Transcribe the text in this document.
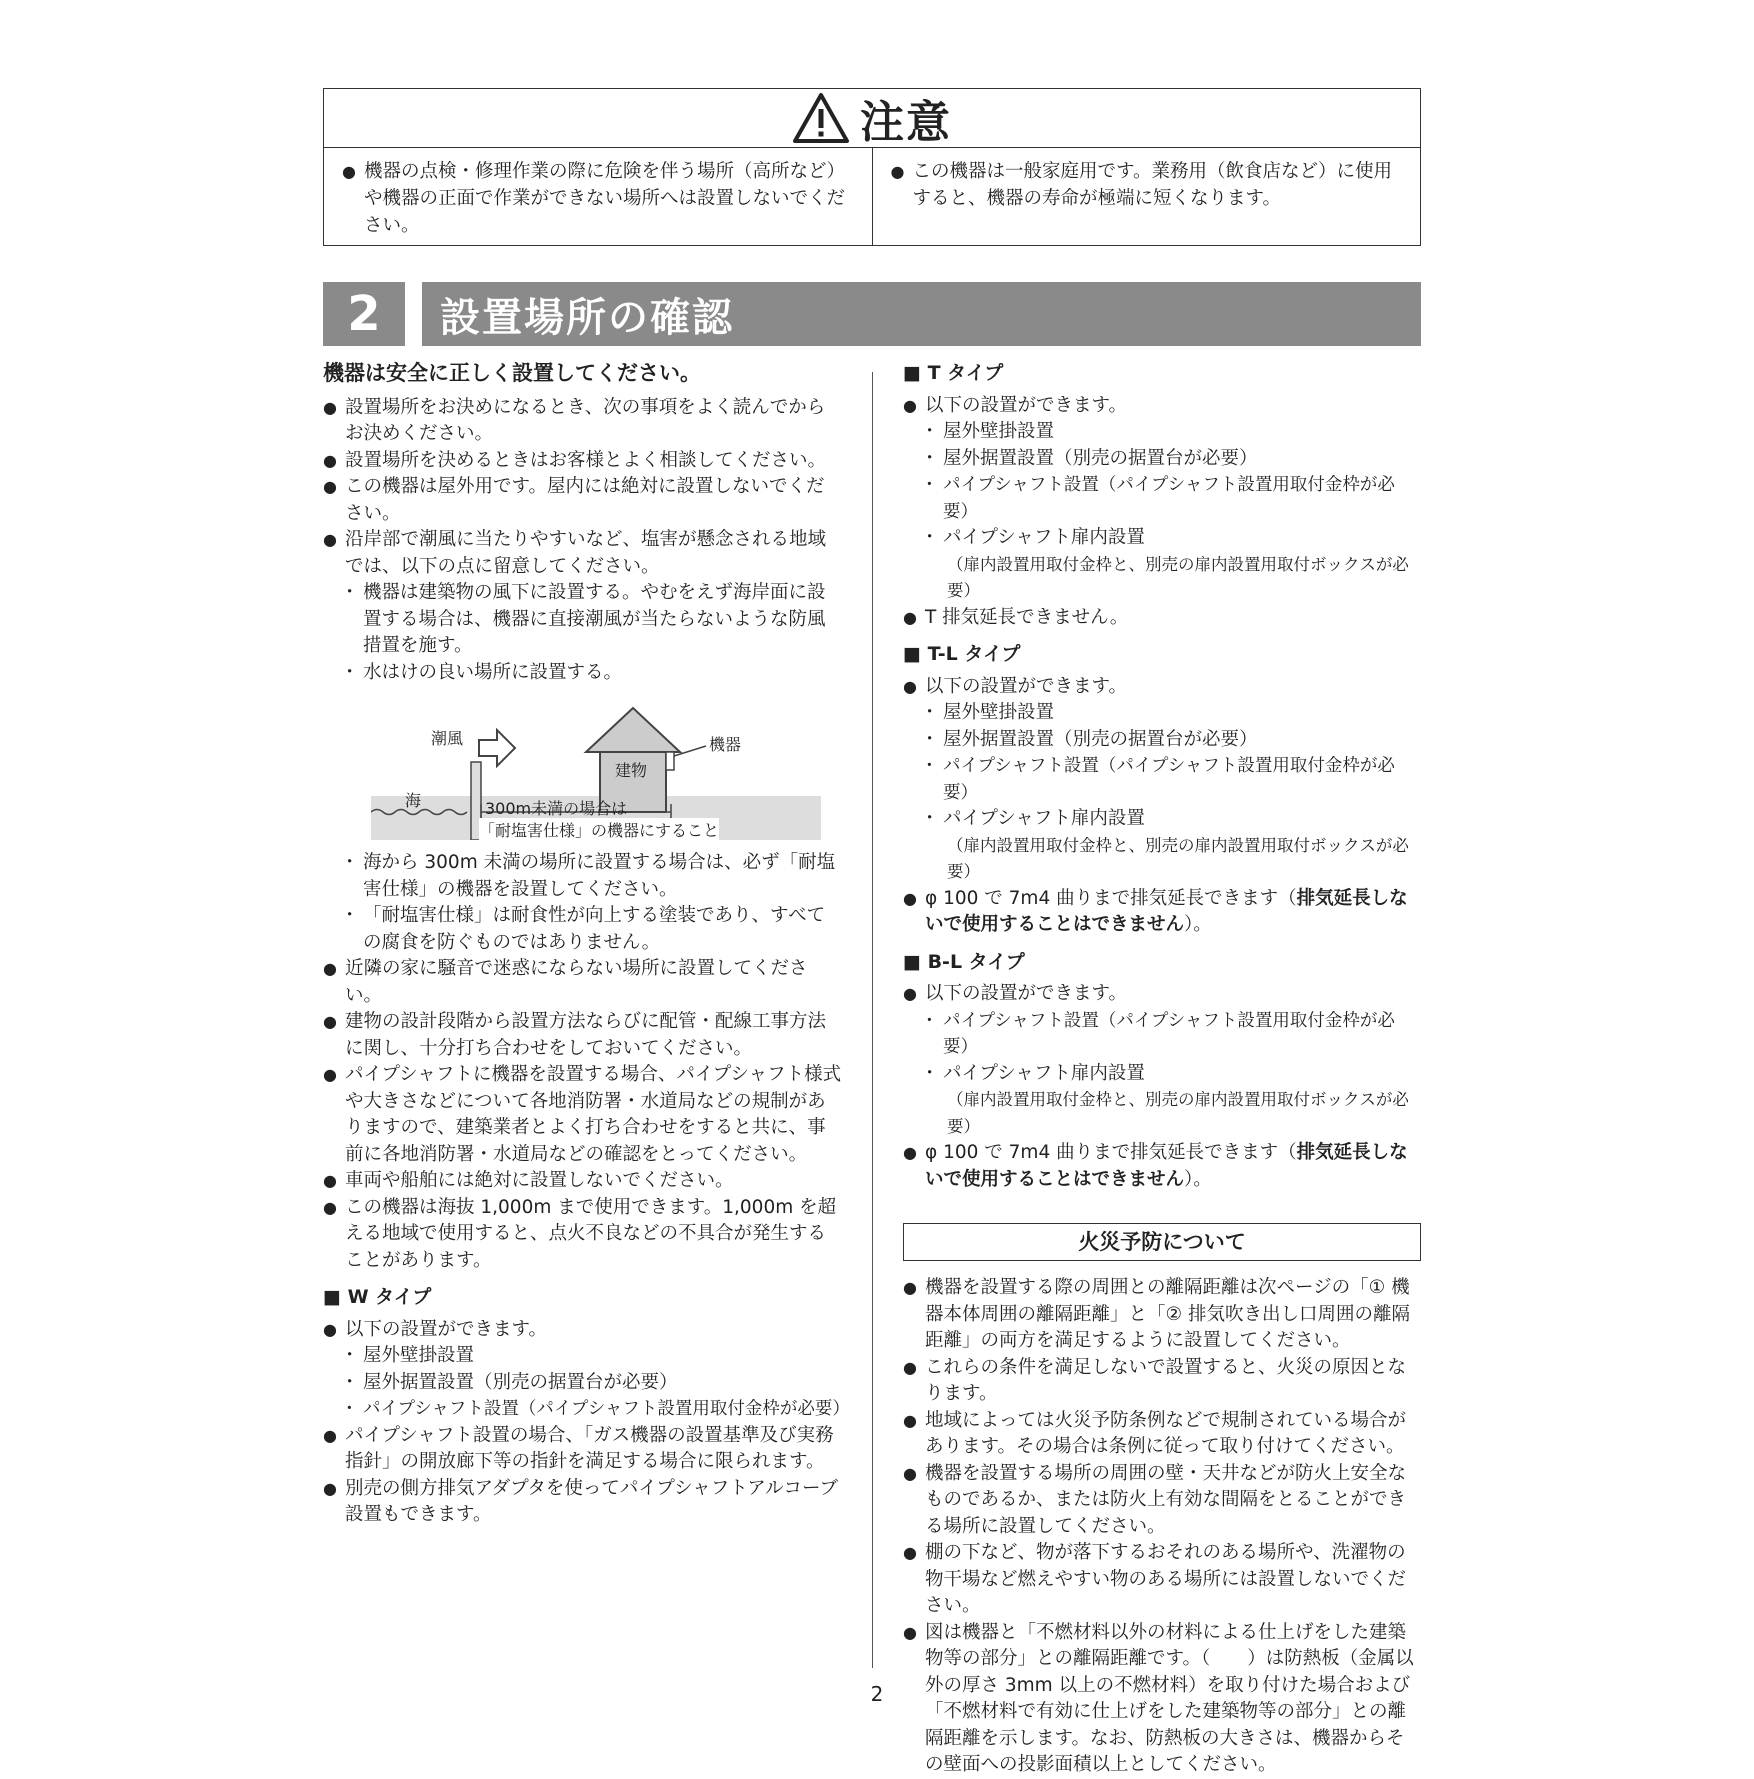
注意
● 機器の点検・修理作業の際に危険を伴う場所（高所など）や機器の正面で作業ができない場所へは設置しないでください。
● この機器は一般家庭用です。業務用（飲食店など）に使用すると、機器の寿命が極端に短くなります。
2	設置場所の確認
機器は安全に正しく設置してください。
● 設置場所をお決めになるとき、次の事項をよく読んでからお決めください。
● 設置場所を決めるときはお客様とよく相談してください。
● この機器は屋外用です。屋内には絶対に設置しないでください。
● 沿岸部で潮風に当たりやすいなど、塩害が懸念される地域では、以下の点に留意してください。
･ 機器は建築物の風下に設置する。やむをえず海岸面に設置する場合は、機器に直接潮風が当たらないような防風措置を施す。
･ 水はけの良い場所に設置する。
潮風
建物
機器
海	300m未満の場合は
「耐塩害仕様」の機器にすること
･ 海から 300m 未満の場所に設置する場合は、必ず「耐塩害仕様」の機器を設置してください。
･ 「耐塩害仕様」は耐食性が向上する塗装であり、すべての腐食を防ぐものではありません。
● 近隣の家に騒音で迷惑にならない場所に設置してください。
● 建物の設計段階から設置方法ならびに配管・配線工事方法に関し、十分打ち合わせをしておいてください。
● パイプシャフトに機器を設置する場合、パイプシャフト様式や大きさなどについて各地消防署・水道局などの規制がありますので、建築業者とよく打ち合わせをすると共に、事前に各地消防署・水道局などの確認をとってください。
● 車両や船舶には絶対に設置しないでください。
● この機器は海抜 1,000m まで使用できます。1,000m を超える地域で使用すると、点火不良などの不具合が発生することがあります。
■ W タイプ
● 以下の設置ができます。
･ 屋外壁掛設置
･ 屋外据置設置（別売の据置台が必要）
･ パイプシャフト設置（パイプシャフト設置用取付金枠が必要）
● パイプシャフト設置の場合、「ガス機器の設置基準及び実務指針」の開放廊下等の指針を満足する場合に限られます。
● 別売の側方排気アダプタを使ってパイプシャフトアルコーブ設置もできます。
■ T タイプ
● 以下の設置ができます。
･ 屋外壁掛設置
･ 屋外据置設置（別売の据置台が必要）
･ パイプシャフト設置（パイプシャフト設置用取付金枠が必要）
･ パイプシャフト扉内設置
（扉内設置用取付金枠と、別売の扉内設置用取付ボックスが必要）
● T 排気延長できません。
■ T-L タイプ
● 以下の設置ができます。
･ 屋外壁掛設置
･ 屋外据置設置（別売の据置台が必要）
･ パイプシャフト設置（パイプシャフト設置用取付金枠が必要）
･ パイプシャフト扉内設置
（扉内設置用取付金枠と、別売の扉内設置用取付ボックスが必要）
● φ 100 で 7m4 曲りまで排気延長できます（排気延長しないで使用することはできません）。
■ B-L タイプ
● 以下の設置ができます。
･ パイプシャフト設置（パイプシャフト設置用取付金枠が必要）
･ パイプシャフト扉内設置
（扉内設置用取付金枠と、別売の扉内設置用取付ボックスが必要）
● φ 100 で 7m4 曲りまで排気延長できます（排気延長しないで使用することはできません）。
火災予防について
● 機器を設置する際の周囲との離隔距離は次ページの「① 機器本体周囲の離隔距離」と「② 排気吹き出し口周囲の離隔距離」の両方を満足するように設置してください。
● これらの条件を満足しないで設置すると、火災の原因となります。
● 地域によっては火災予防条例などで規制されている場合があります。その場合は条例に従って取り付けてください。
● 機器を設置する場所の周囲の壁・天井などが防火上安全なものであるか、または防火上有効な間隔をとることができる場所に設置してください。
● 棚の下など、物が落下するおそれのある場所や、洗濯物の物干場など燃えやすい物のある場所には設置しないでください。
● 図は機器と「不燃材料以外の材料による仕上げをした建築物等の部分」との離隔距離です。（　　）は防熱板（金属以外の厚さ 3mm 以上の不燃材料）を取り付けた場合および「不燃材料で有効に仕上げをした建築物等の部分」との離隔距離を示します。なお、防熱板の大きさは、機器からその壁面への投影面積以上としてください。
2
